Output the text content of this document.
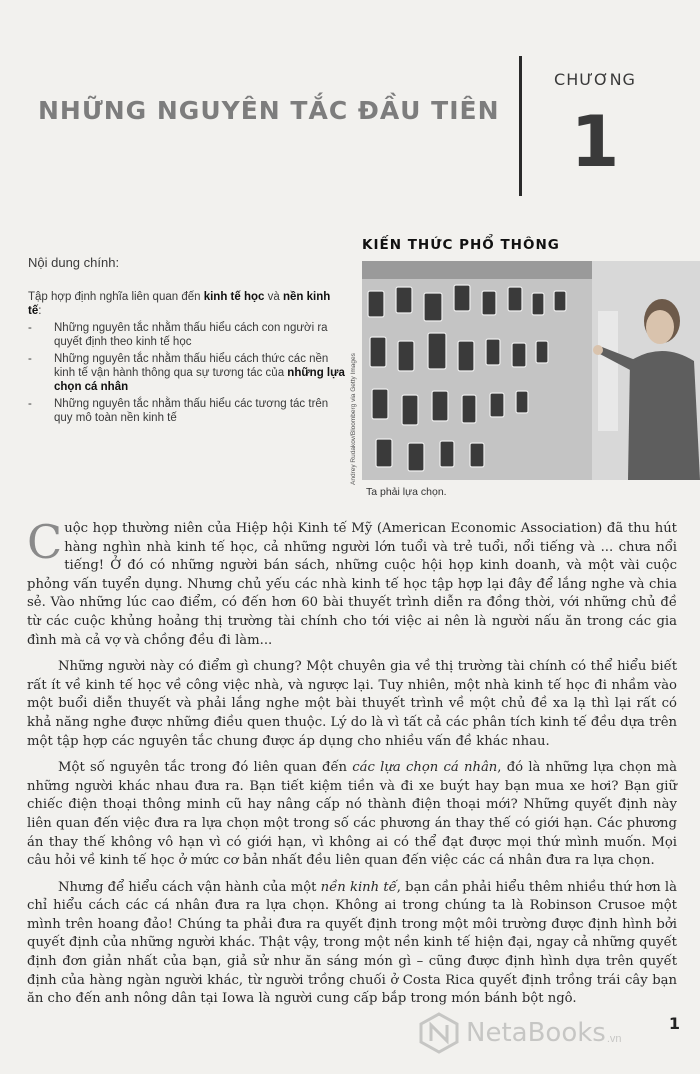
NHỮNG NGUYÊN TẮC ĐẦU TIÊN
CHƯƠNG
1
Nội dung chính:
Tập hợp định nghĩa liên quan đến kinh tế học và nền kinh tế:
- Những nguyên tắc nhằm thấu hiểu cách con người ra quyết định theo kinh tế học
- Những nguyên tắc nhằm thấu hiểu cách thức các nền kinh tế vận hành thông qua sự tương tác của những lựa chọn cá nhân
- Những nguyên tắc nhằm thấu hiểu các tương tác trên quy mô toàn nền kinh tế
KIẾN THỨC PHỔ THÔNG
Andrey Rudakov/Bloomberg via Getty Images
Ta phải lựa chọn.

Cuộc họp thường niên của Hiệp hội Kinh tế Mỹ (American Economic Association) đã thu hút hàng nghìn nhà kinh tế học, cả những người lớn tuổi và trẻ tuổi, nổi tiếng và ... chưa nổi tiếng! Ở đó có những người bán sách, những cuộc hội họp kinh doanh, và một vài cuộc phỏng vấn tuyển dụng. Nhưng chủ yếu các nhà kinh tế học tập hợp lại đây để lắng nghe và chia sẻ. Vào những lúc cao điểm, có đến hơn 60 bài thuyết trình diễn ra đồng thời, với những chủ đề từ các cuộc khủng hoảng thị trường tài chính cho tới việc ai nên là người nấu ăn trong các gia đình mà cả vợ và chồng đều đi làm...

Những người này có điểm gì chung? Một chuyên gia về thị trường tài chính có thể hiểu biết rất ít về kinh tế học về công việc nhà, và ngược lại. Tuy nhiên, một nhà kinh tế học đi nhầm vào một buổi diễn thuyết và phải lắng nghe một bài thuyết trình về một chủ đề xa lạ thì lại rất có khả năng nghe được những điều quen thuộc. Lý do là vì tất cả các phân tích kinh tế đều dựa trên một tập hợp các nguyên tắc chung được áp dụng cho nhiều vấn đề khác nhau.

Một số nguyên tắc trong đó liên quan đến các lựa chọn cá nhân, đó là những lựa chọn mà những người khác nhau đưa ra. Bạn tiết kiệm tiền và đi xe buýt hay bạn mua xe hơi? Bạn giữ chiếc điện thoại thông minh cũ hay nâng cấp nó thành điện thoại mới? Những quyết định này liên quan đến việc đưa ra lựa chọn một trong số các phương án thay thế có giới hạn. Các phương án thay thế không vô hạn vì có giới hạn, vì không ai có thể đạt được mọi thứ mình muốn. Mọi câu hỏi về kinh tế học ở mức cơ bản nhất đều liên quan đến việc các cá nhân đưa ra lựa chọn.

Nhưng để hiểu cách vận hành của một nền kinh tế, bạn cần phải hiểu thêm nhiều thứ hơn là chỉ hiểu cách các cá nhân đưa ra lựa chọn. Không ai trong chúng ta là Robinson Crusoe một mình trên hoang đảo! Chúng ta phải đưa ra quyết định trong một môi trường được định hình bởi quyết định của những người khác. Thật vậy, trong một nền kinh tế hiện đại, ngay cả những quyết định đơn giản nhất của bạn, giả sử như ăn sáng món gì – cũng được định hình dựa trên quyết định của hàng ngàn người khác, từ người trồng chuối ở Costa Rica quyết định trồng trái cây bạn ăn cho đến anh nông dân tại Iowa là người cung cấp bắp trong món bánh bột ngô.

NetaBooks .vn
1
